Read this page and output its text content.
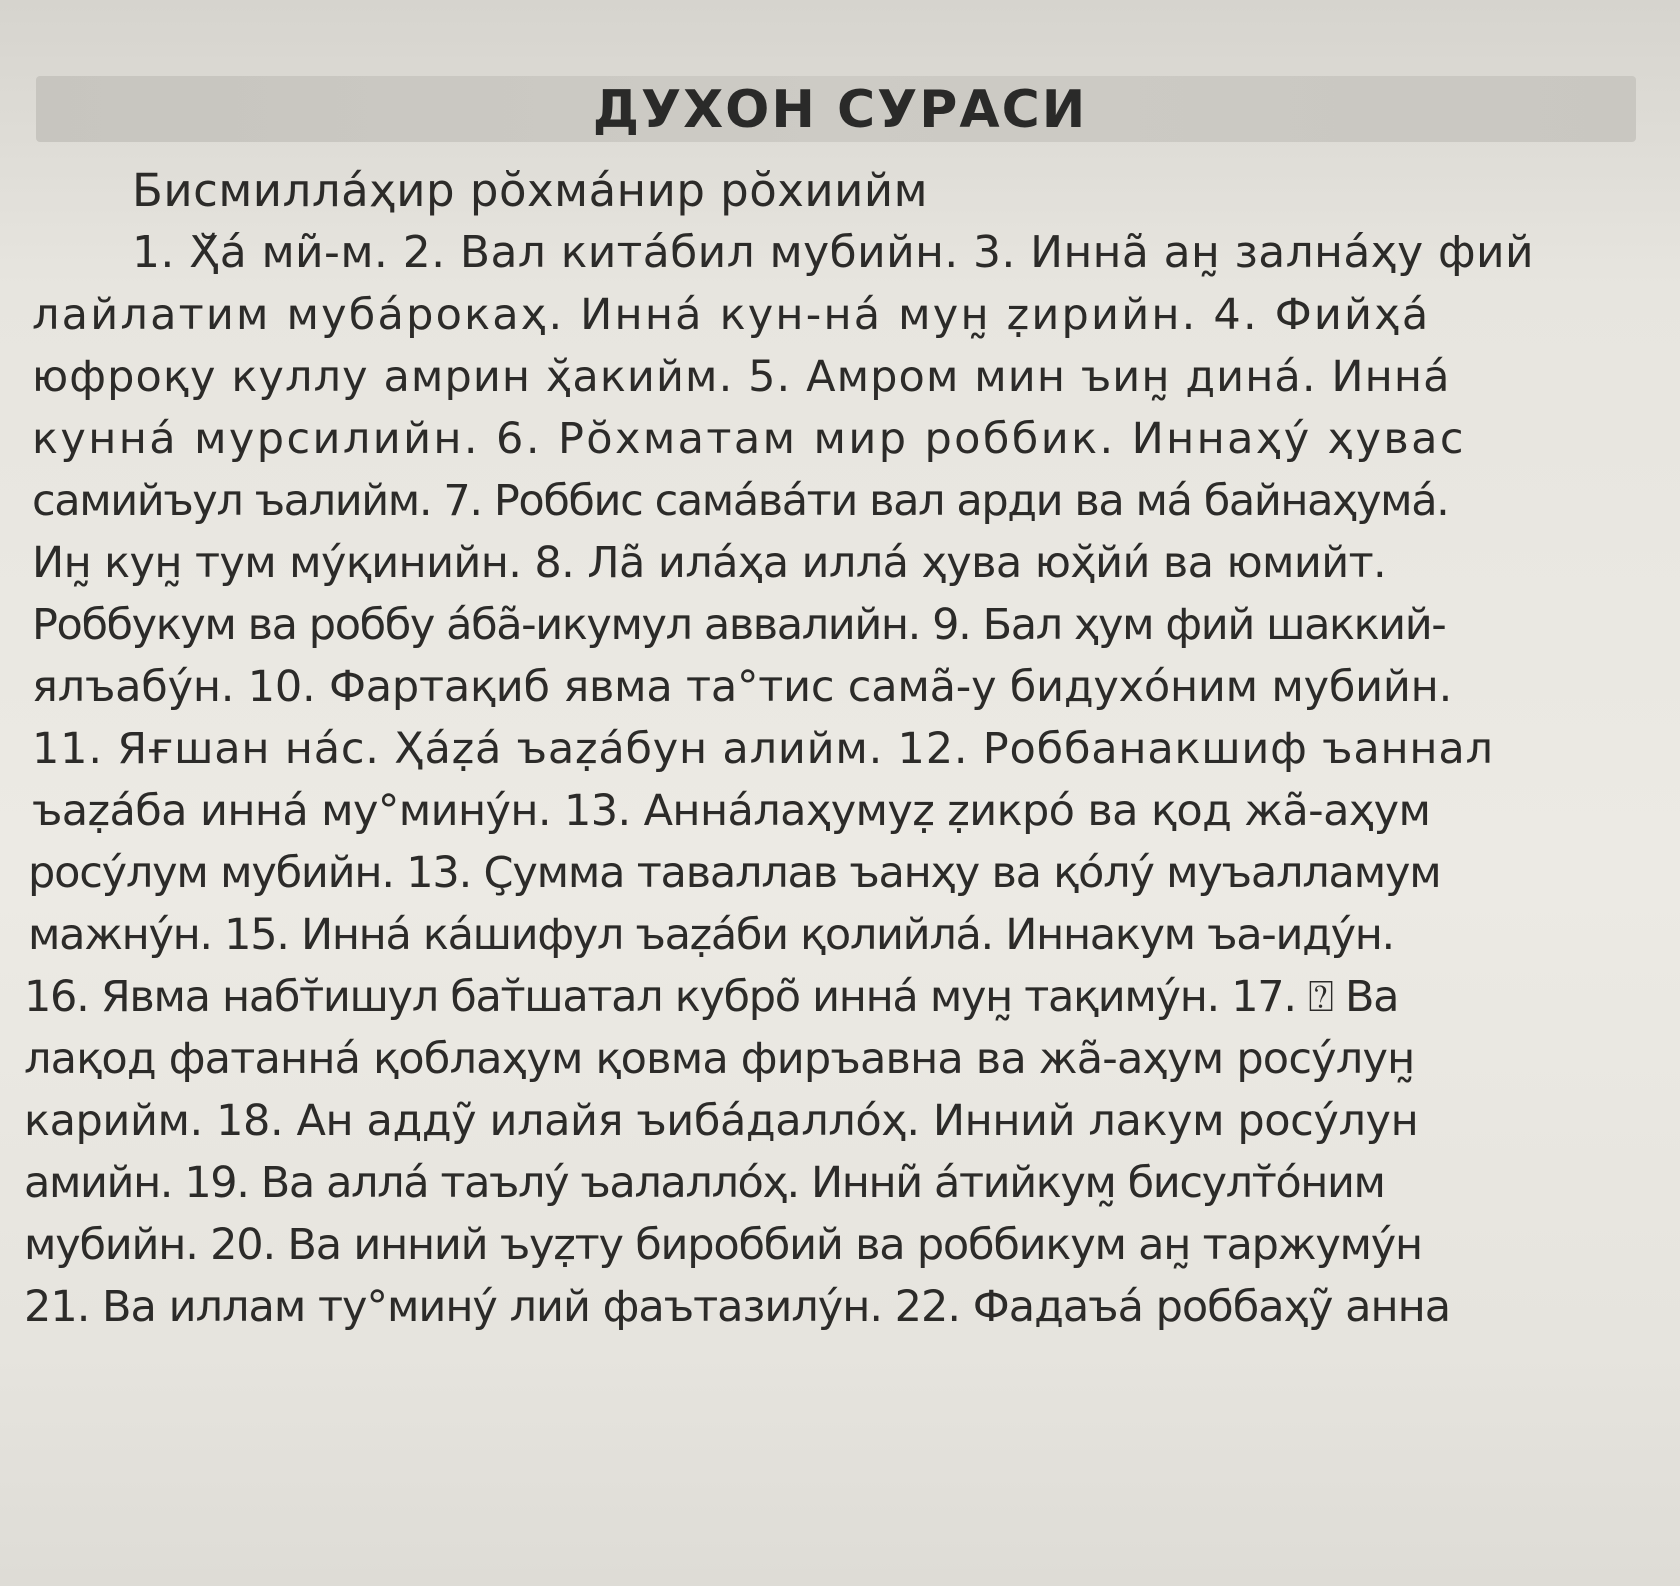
ДУХОН СУРАСИ
Бисмилла́ҳир ро̆хма́нир ро̆хиийм
1. Ҳ̆а́ ми̃-м. 2. Вал кита́бил мубийн. 3. Инна̃ ан̰ зална́ҳу фий
лайлатим муба́рокаҳ. Инна́ кун-на́ мун̰ ẓирийн. 4. Фийҳа́
юфроқу куллу амрин ҳ̆акийм. 5. Амром мин ъин̰ дина́. Инна́
кунна́ мурсилийн. 6. Ро̆хматам мир роббик. Иннаҳу́ ҳувас
самийъул ъалийм. 7. Роббис сама́ва́ти вал арди ва ма́ байнаҳума́.
Ин̰ кун̰ тум му́қинийн. 8. Ла̃ ила́ҳа илла́ ҳува юҳ̆йи́ ва юмийт.
Роббукум ва роббу а́ба̃-икумул аввалийн. 9. Бал ҳум фий шаккий-
ялъабу́н. 10. Фартақиб явма та°тис сама̃-у бидухо́ним мубийн.
11. Яғшан на́с. Ҳа́ẓа́ ъаẓа́бун алийм. 12. Роббанакшиф ъаннал
ъаẓа́ба инна́ му°мину́н. 13. Анна́лаҳумуẓ ẓикро́ ва қод жа̃-аҳум
росу́лум мубийн. 13. Ҫумма таваллав ъанҳу ва қо́лу́ муъалламум
мажну́н. 15. Инна́ ка́шифул ъаẓа́би қолийла́. Иннакум ъа-иду́н.
16. Явма набт̆ишул бат̆шатал кубро̃ инна́ мун̰ тақиму́н. 17. ⍰ Ва
лақод фатанна́ қоблаҳум қовма фиръавна ва жа̃-аҳум росу́лун̰
карийм. 18. Ан адду̃ илайя ъиба́далло́ҳ. Инний лакум росу́лун
амийн. 19. Ва алла́ таълу́ ъалалло́ҳ. Инни̃ а́тийкум̰ бисулт̆о́ним
мубийн. 20. Ва инний ъуẓту бироббий ва роббикум ан̰ таржуму́н
21. Ва иллам ту°мину́ лий фаътазилу́н. 22. Фадаъа́ роббаҳу̃ анна
